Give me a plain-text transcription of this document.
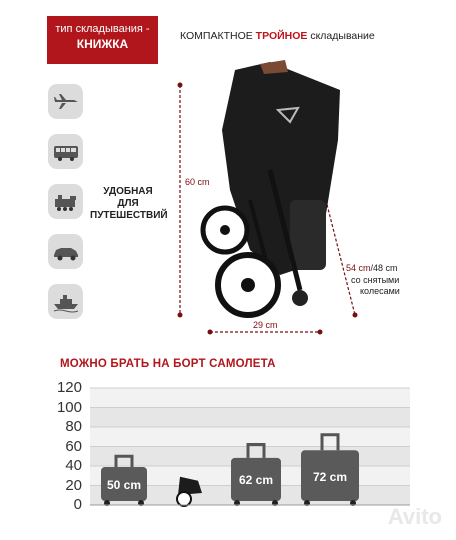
тип складывания -
КНИЖКА
КОМПАКТНОЕ ТРОЙНОЕ складывание
УДОБНАЯ
ДЛЯ
ПУТЕШЕСТВИЙ
60 cm
29 cm
54 cm/48 cm
со снятыми
колесами
МОЖНО БРАТЬ НА БОРТ САМОЛЕТА
120
100
80
60
40
20
0
50 cm	62 cm	72 cm
Avito
